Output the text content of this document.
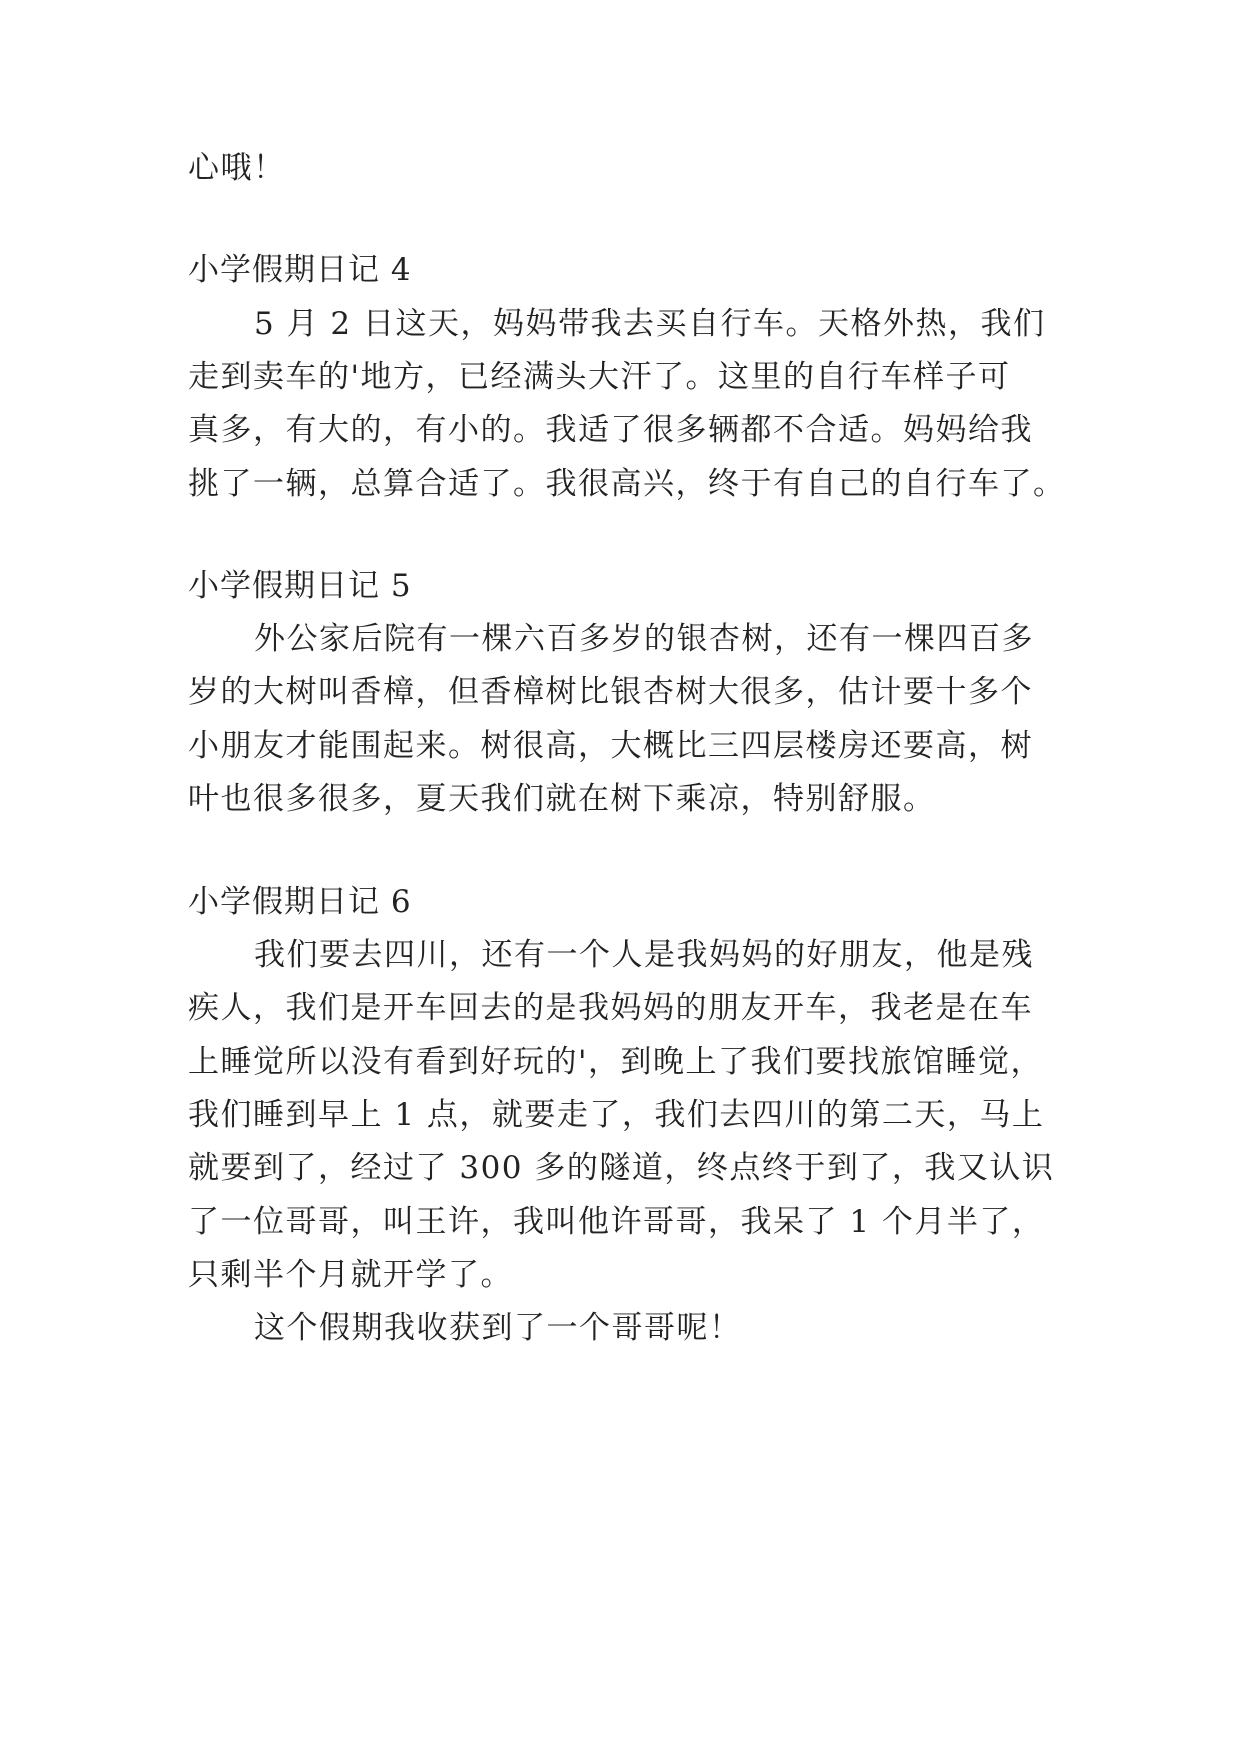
心哦！
小学假期日记 4
5 月 2 日这天，妈妈带我去买自行车。天格外热，我们
走到卖车的'地方，已经满头大汗了。这里的自行车样子可
真多，有大的，有小的。我适了很多辆都不合适。妈妈给我
挑了一辆，总算合适了。我很高兴，终于有自己的自行车了。
小学假期日记 5
外公家后院有一棵六百多岁的银杏树，还有一棵四百多
岁的大树叫香樟，但香樟树比银杏树大很多，估计要十多个
小朋友才能围起来。树很高，大概比三四层楼房还要高，树
叶也很多很多，夏天我们就在树下乘凉，特别舒服。
小学假期日记 6
我们要去四川，还有一个人是我妈妈的好朋友，他是残
疾人，我们是开车回去的是我妈妈的朋友开车，我老是在车
上睡觉所以没有看到好玩的'，到晚上了我们要找旅馆睡觉，
我们睡到早上 1 点，就要走了，我们去四川的第二天，马上
就要到了，经过了 300 多的隧道，终点终于到了，我又认识
了一位哥哥，叫王许，我叫他许哥哥，我呆了 1 个月半了，
只剩半个月就开学了。
这个假期我收获到了一个哥哥呢！
